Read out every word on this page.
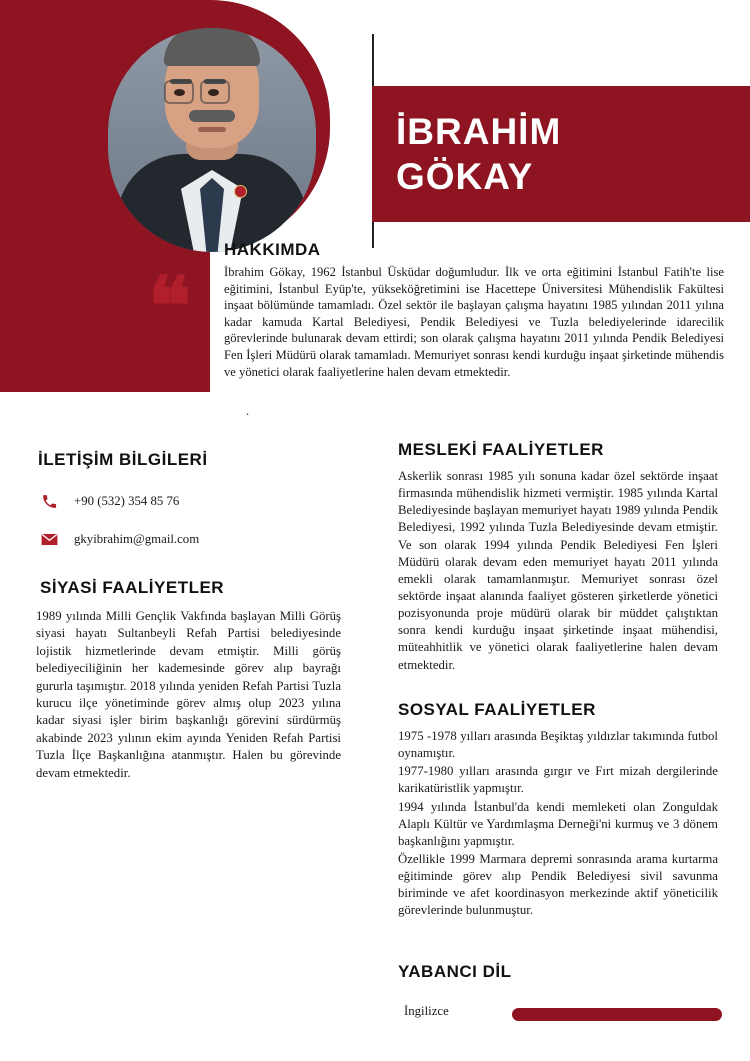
İBRAHİM
GÖKAY
❝
HAKKIMDA
İbrahim Gökay, 1962 İstanbul Üsküdar doğumludur. İlk ve orta eğitimini İstanbul Fatih'te lise eğitimini, İstanbul Eyüp'te, yükseköğretimini ise Hacettepe Üniversitesi Mühendislik Fakültesi inşaat bölümünde tamamladı. Özel sektör ile başlayan çalışma hayatını 1985 yılından 2011 yılına kadar kamuda Kartal Belediyesi, Pendik Belediyesi ve Tuzla belediyelerinde idarecilik görevlerinde bulunarak devam ettirdi; son olarak çalışma hayatını 2011 yılında Pendik Belediyesi Fen İşleri Müdürü olarak tamamladı. Memuriyet sonrası kendi kurduğu inşaat şirketinde mühendis ve yönetici olarak faaliyetlerine halen devam etmektedir.
.
İLETİŞİM BİLGİLERİ
+90 (532) 354 85 76
gkyibrahim@gmail.com
SİYASİ FAALİYETLER
1989 yılında Milli Gençlik Vakfında başlayan Milli Görüş siyasi hayatı Sultanbeyli Refah Partisi belediyesinde lojistik hizmetlerinde devam etmiştir. Milli görüş belediyeciliğinin her kademesinde görev alıp bayrağı gururla taşımıştır. 2018 yılında yeniden Refah Partisi Tuzla kurucu ilçe yönetiminde görev almış olup 2023 yılına kadar siyasi işler birim başkanlığı görevini sürdürmüş akabinde 2023 yılının ekim ayında Yeniden Refah Partisi Tuzla İlçe Başkanlığına atanmıştır. Halen bu görevinde devam etmektedir.
MESLEKİ FAALİYETLER
Askerlik sonrası 1985 yılı sonuna kadar özel sektörde inşaat firmasında mühendislik hizmeti vermiştir. 1985 yılında Kartal Belediyesinde başlayan memuriyet hayatı 1989 yılında Pendik Belediyesi, 1992 yılında Tuzla Belediyesinde devam etmiştir. Ve son olarak 1994 yılında Pendik Belediyesi Fen İşleri Müdürü olarak devam eden memuriyet hayatı 2011 yılında emekli olarak tamamlanmıştır. Memuriyet sonrası özel sektörde inşaat alanında faaliyet gösteren şirketlerde yönetici pozisyonunda proje müdürü olarak bir müddet çalıştıktan sonra kendi kurduğu inşaat şirketinde inşaat mühendisi, müteahhitlik ve yönetici olarak faaliyetlerine halen devam etmektedir.
SOSYAL FAALİYETLER

1975 -1978 yılları arasında Beşiktaş yıldızlar takımında futbol oynamıştır.

1977-1980 yılları arasında gırgır ve Fırt mizah dergilerinde karikatüristlik yapmıştır.

1994 yılında İstanbul'da kendi memleketi olan Zonguldak Alaplı Kültür ve Yardımlaşma Derneği'ni kurmuş ve 3 dönem başkanlığını yapmıştır.

Özellikle 1999 Marmara depremi sonrasında arama kurtarma eğitiminde görev alıp Pendik Belediyesi sivil savunma biriminde ve afet koordinasyon merkezinde aktif yöneticilik görevlerinde bulunmuştur.

YABANCI DİL
İngilizce
